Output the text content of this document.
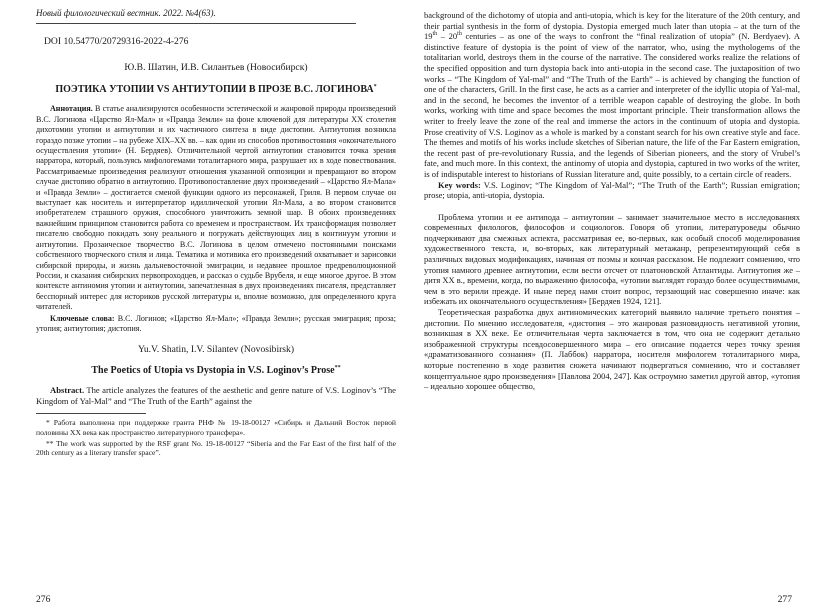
Новый филологический вестник. 2022. №4(63).
DOI 10.54770/20729316-2022-4-276
Ю.В. Шатин, И.В. Силантьев (Новосибирск)
ПОЭТИКА УТОПИИ VS АНТИУТОПИИ В ПРОЗЕ В.С. ЛОГИНОВА*

Аннотация. В статье анализируются особенности эстетической и жанровой природы произведений В.С. Логинова «Царство Ял-Мал» и «Правда Земли» на фоне ключевой для литературы ХХ столетия дихотомии утопии и антиутопии и их частичного синтеза в виде дистопии. Антиутопия возникла гораздо позже утопии – на рубеже XIX–XX вв. – как один из способов противостояния «окончательного осуществления утопии» (Н. Бердяев). Отличительной чертой антиутопии становится точка зрения нарратора, который, пользуясь мифологемами тоталитарного мира, разрушает их в ходе повествования. Рассматриваемые произведения реализуют отношения указанной оппозиции и превращают во втором случае дистопию обратно в антиутопию. Противопоставление двух произведений – «Царство Ял-Мала» и «Правда Земли» – достигается сменой функции одного из персонажей, Гриля. В первом случае он выступает как носитель и интерпретатор идиллической утопии Ял-Мала, а во втором становится изобретателем страшного оружия, способного уничтожить земной шар. В обоих произведениях важнейшим принципом становится работа со временем и пространством. Их трансформация позволяет писателю свободно покидать зону реального и погружать действующих лиц в континуум утопии и антиутопии. Прозаическое творчество В.С. Логинова в целом отмечено постоянными поисками собственного творческого стиля и лица. Тематика и мотивика его произведений охватывает и зарисовки сибирской природы, и жизнь дальневосточной эмиграции, и недавнее прошлое предреволюционной России, и сказания сибирских первопроходцев, и рассказ о судьбе Врубеля, и еще многое другое. В этом контексте антиномия утопии и антиутопии, запечатленная в двух произведениях писателя, представляет бесспорный интерес для историков русской литературы и, вполне возможно, для определенного круга читателей.

Ключевые слова: В.С. Логинов; «Царство Ял-Мал»; «Правда Земли»; русская эмиграция; проза; утопия; антиутопия; дистопия.

Yu.V. Shatin, I.V. Silantev (Novosibirsk)
The Poetics of Utopia vs Dystopia in V.S. Loginov’s Prose**

Abstract. The article analyzes the features of the aesthetic and genre nature of V.S. Loginov’s “The Kingdom of Yal-Mal” and “The Truth of the Earth” against the

* Работа выполнена при поддержке гранта РНФ № 19-18-00127 «Сибирь и Дальний Восток первой половины ХХ века как пространство литературного трансфера».

** The work was supported by the RSF grant No. 19-18-00127 “Siberia and the Far East of the first half of the 20th century as a literary transfer space”.

276

background of the dichotomy of utopia and anti-utopia, which is key for the literature of the 20th century, and their partial synthesis in the form of dystopia. Dystopia emerged much later than utopia – at the turn of the 19th – 20th centuries – as one of the ways to confront the “final realization of utopia” (N. Berdyaev). A distinctive feature of dystopia is the point of view of the narrator, who, using the mythologems of the totalitarian world, destroys them in the course of the narrative. The considered works realize the relations of the specified opposition and turn dystopia back into anti-utopia in the second case. The juxtaposition of two works – “The Kingdom of Yal-mal” and “The Truth of the Earth” – is achieved by changing the function of one of the characters, Grill. In the first case, he acts as a carrier and interpreter of the idyllic utopia of Yal-mal, and in the second, he becomes the inventor of a terrible weapon capable of destroying the globe. In both works, working with time and space becomes the most important principle. Their transformation allows the writer to freely leave the zone of the real and immerse the actors in the continuum of utopia and dystopia. Prose creativity of V.S. Loginov as a whole is marked by a constant search for his own creative style and face. The themes and motifs of his works include sketches of Siberian nature, the life of the Far Eastern emigration, the recent past of pre-revolutionary Russia, and the legends of Siberian pioneers, and the story of Vrubel’s fate, and much more. In this context, the antinomy of utopia and dystopia, captured in two works of the writer, is of indisputable interest to historians of Russian literature and, quite possibly, to a certain circle of readers.

Key words: V.S. Loginov; “The Kingdom of Yal-Mal”; “The Truth of the Earth”; Russian emigration; prose; utopia, anti-utopia, dystopia.

Проблема утопии и ее антипода – антиутопии – занимает значительное место в исследованиях современных филологов, философов и социологов. Говоря об утопии, литературоведы обычно подчеркивают два смежных аспекта, рассматривая ее, во-первых, как особый способ моделирования художественного текста, и, во-вторых, как литературный метажанр, репрезентирующий себя в различных видовых модификациях, начиная от поэмы и кончая рассказом. Не подлежит сомнению, что утопия намного древнее антиутопии, если вести отсчет от платоновской Атлантиды. Антиутопия же – дитя ХХ в., времени, когда, по выражению философа, «утопии выглядят гораздо более осуществимыми, чем в это верили прежде. И ныне перед нами стоит вопрос, терзающий нас совершенно иначе: как избежать их окончательного осуществления» [Бердяев 1924, 121].

Теоретическая разработка двух антиномических категорий выявило наличие третьего понятия – дистопии. По мнению исследователя, «дистопия – это жанровая разновидность негативной утопии, возникшая в ХХ веке. Ее отличительная черта заключается в том, что она не содержит детально изображенной структуры псевдосовершенного мира – его описание подается через точку зрения «драматизованного сознания» (П. Лаббок) нарратора, носителя мифологем тоталитарного мира, которые постепенно в ходе развития сюжета начинают подвергаться сомнению, что и составляет концептуальное ядро произведения» [Павлова 2004, 247]. Как остроумно заметил другой автор, «утопия – идеально хорошее общество,

277
